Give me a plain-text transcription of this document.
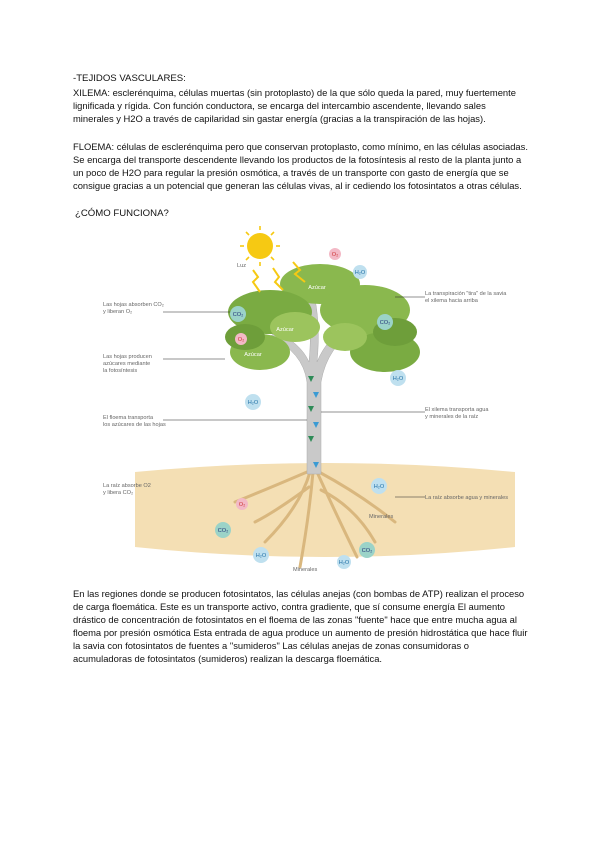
-TEJIDOS VASCULARES:

XILEMA: esclerénquima, células muertas (sin protoplasto) de la que sólo queda la pared, muy fuertemente lignificada y rígida. Con función conductora, se encarga del intercambio ascendente, llevando sales minerales y H2O a través de capilaridad sin gastar energía (gracias a la transpiración de las hojas).

FLOEMA: células de esclerénquima pero que conservan protoplasto, como mínimo, en las células asociadas. Se encarga del transporte descendente llevando los productos de la fotosíntesis al resto de la planta junto a un poco de H2O para regular la presión osmótica, a través de un transporte con gasto de energía que se consigue gracias a un potencial que generan las células vivas, al ir cediendo los fotosintatos a otras células.

¿CÓMO FUNCIONA?
O₂
H₂O
CO₂
O₂
CO₂
H₂O
H₂O
O₂
CO₂
H₂O
H₂O
CO₂
H₂O
Azúcar
Azúcar
Azúcar
Luz
Las hojas absorben CO₂
y liberan O₂
Las hojas producen
azúcares mediante
la fotosíntesis
El floema transporta
los azúcares de las hojas
La raíz absorbe O2
y libera CO₂
La transpiración "tira" de la savia
el xilema hacia arriba
El xilema transporta agua
y minerales de la raíz
La raíz absorbe agua y minerales
Minerales
Minerales

En las regiones donde se producen fotosintatos, las células anejas (con bombas de ATP) realizan el proceso de carga floemática. Este es un transporte activo, contra gradiente, que sí consume energía El aumento drástico de concentración de fotosintatos en el floema de las zonas "fuente" hace que entre mucha agua al floema por presión osmótica Esta entrada de agua produce un aumento de presión hidrostática que hace fluir la savia con fotosintatos de fuentes a "sumideros" Las células anejas de zonas consumidoras o acumuladoras de fotosintatos (sumideros) realizan la descarga floemática.
